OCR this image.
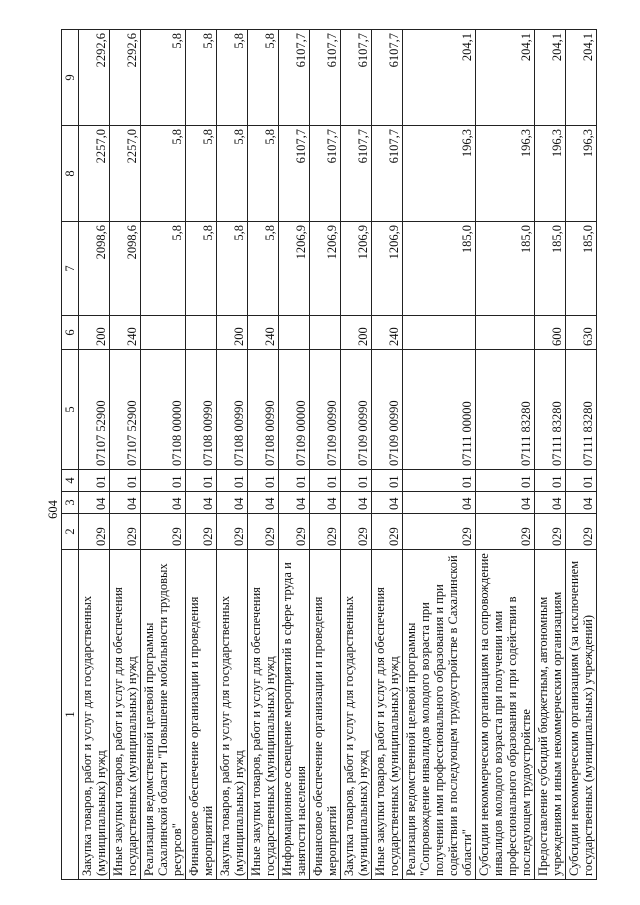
	604							
1	2	3	4	5	6	7	8	9
Закупка товаров, работ и услуг для государственных (муниципальных) нужд	029	04	01	07107 52900	200	2098,6	2257,0	2292,6
Иные закупки товаров, работ и услуг для обеспечения государственных (муниципальных) нужд	029	04	01	07107 52900	240	2098,6	2257,0	2292,6
Реализация ведомственной целевой программы Сахалинской области "Повышение мобильности трудовых ресурсов"	029	04	01	07108 00000		5,8	5,8	5,8
Финансовое обеспечение организации и проведения мероприятий	029	04	01	07108 00990		5,8	5,8	5,8
Закупка товаров, работ и услуг для государственных (муниципальных) нужд	029	04	01	07108 00990	200	5,8	5,8	5,8
Иные закупки товаров, работ и услуг для обеспечения государственных (муниципальных) нужд	029	04	01	07108 00990	240	5,8	5,8	5,8
Информационное освещение мероприятий в сфере труда и занятости населения	029	04	01	07109 00000		1206,9	6107,7	6107,7
Финансовое обеспечение организации и проведения мероприятий	029	04	01	07109 00990		1206,9	6107,7	6107,7
Закупка товаров, работ и услуг для государственных (муниципальных) нужд	029	04	01	07109 00990	200	1206,9	6107,7	6107,7
Иные закупки товаров, работ и услуг для обеспечения государственных (муниципальных) нужд	029	04	01	07109 00990	240	1206,9	6107,7	6107,7
Реализация ведомственной целевой программы "Сопровождение инвалидов молодого возраста при получении ими профессионального образования и при содействии в последующем трудоустройстве в Сахалинской области"	029	04	01	07111 00000		185,0	196,3	204,1
Субсидии некоммерческим организациям на сопровождение инвалидов молодого возраста при получении ими профессионального образования и при содействии в последующем трудоустройстве	029	04	01	07111 83280		185,0	196,3	204,1
Предоставление субсидий бюджетным, автономным учреждениям и иным некоммерческим организациям	029	04	01	07111 83280	600	185,0	196,3	204,1
Субсидии некоммерческим организациям (за исключением государственных (муниципальных) учреждений)	029	04	01	07111 83280	630	185,0	196,3	204,1
